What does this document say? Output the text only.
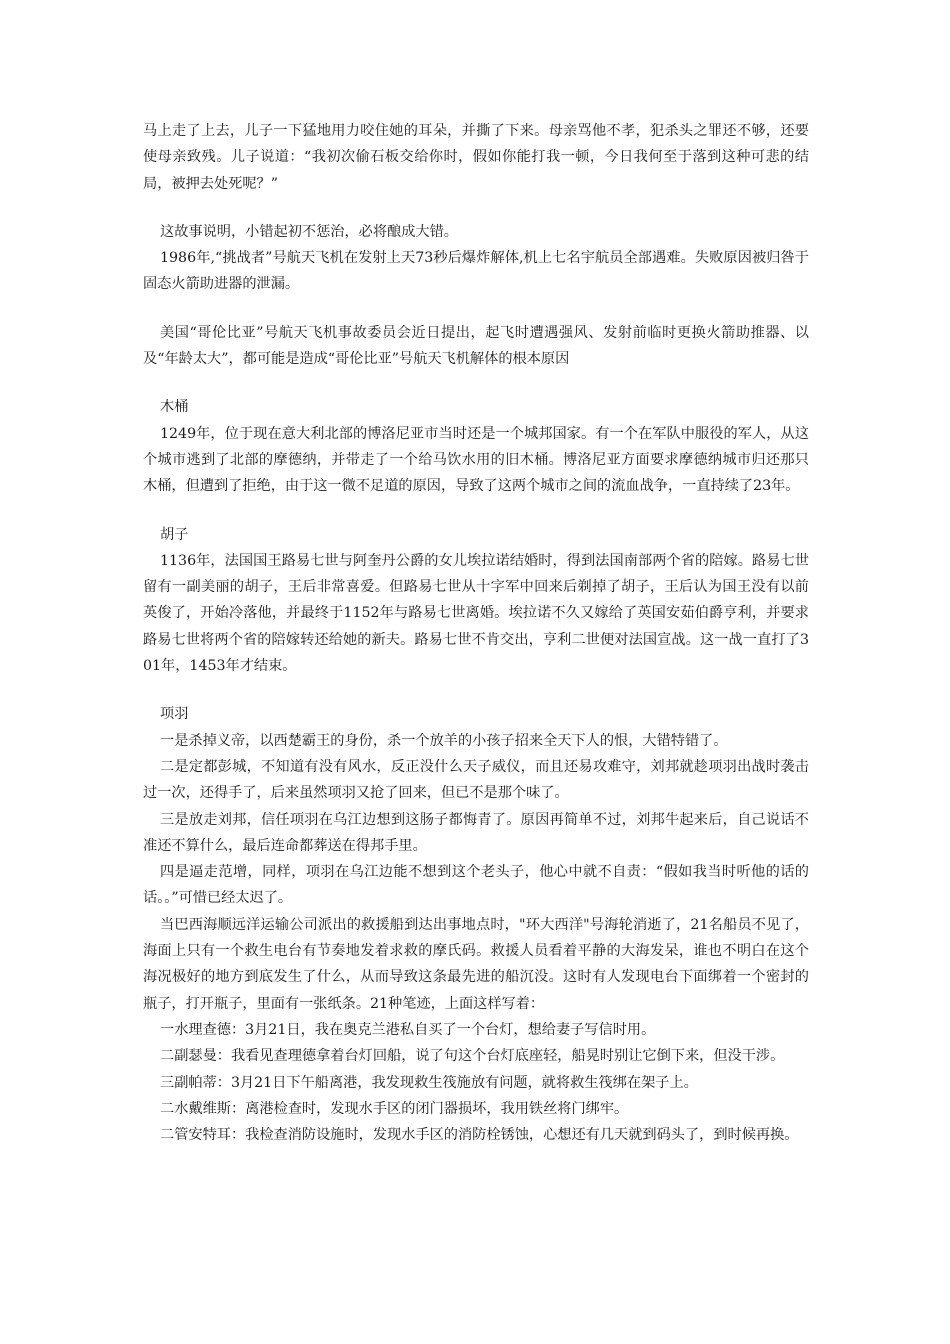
马上走了上去，儿子一下猛地用力咬住她的耳朵，并撕了下来。母亲骂他不孝，犯杀头之罪还不够，还要使母亲致残。儿子说道：“我初次偷石板交给你时，假如你能打我一顿，今日我何至于落到这种可悲的结局，被押去处死呢？”

这故事说明，小错起初不惩治，必将酿成大错。

1986年,“挑战者”号航天飞机在发射上天73秒后爆炸解体,机上七名宇航员全部遇难。失败原因被归咎于固态火箭助进器的泄漏。

美国“哥伦比亚”号航天飞机事故委员会近日提出，起飞时遭遇强风、发射前临时更换火箭助推器、以及“年龄太大”，都可能是造成“哥伦比亚”号航天飞机解体的根本原因

木桶

1249年，位于现在意大利北部的博洛尼亚市当时还是一个城邦国家。有一个在军队中服役的军人，从这个城市逃到了北部的摩德纳，并带走了一个给马饮水用的旧木桶。博洛尼亚方面要求摩德纳城市归还那只木桶，但遭到了拒绝，由于这一微不足道的原因，导致了这两个城市之间的流血战争，一直持续了23年。

胡子

1136年，法国国王路易七世与阿奎丹公爵的女儿埃拉诺结婚时，得到法国南部两个省的陪嫁。路易七世留有一副美丽的胡子，王后非常喜爱。但路易七世从十字军中回来后剃掉了胡子，王后认为国王没有以前英俊了，开始冷落他，并最终于1152年与路易七世离婚。埃拉诺不久又嫁给了英国安茹伯爵亨利，并要求路易七世将两个省的陪嫁转还给她的新夫。路易七世不肯交出，亨利二世便对法国宣战。这一战一直打了301年，1453年才结束。

项羽

一是杀掉义帝，以西楚霸王的身份，杀一个放羊的小孩子招来全天下人的恨，大错特错了。

二是定都彭城，不知道有没有风水，反正没什么天子威仪，而且还易攻难守，刘邦就趁项羽出战时袭击过一次，还得手了，后来虽然项羽又抢了回来，但已不是那个味了。

三是放走刘邦，信任项羽在乌江边想到这肠子都悔青了。原因再简单不过，刘邦牛起来后，自己说话不准还不算什么，最后连命都葬送在得邦手里。

四是逼走范增，同样，项羽在乌江边能不想到这个老头子，他心中就不自责：“假如我当时听他的话的话。。”可惜已经太迟了。

当巴西海顺远洋运输公司派出的救援船到达出事地点时，"环大西洋"号海轮消逝了，21名船员不见了，海面上只有一个救生电台有节奏地发着求救的摩氏码。救援人员看着平静的大海发呆，谁也不明白在这个海况极好的地方到底发生了什么，从而导致这条最先进的船沉没。这时有人发现电台下面绑着一个密封的瓶子，打开瓶子，里面有一张纸条。21种笔迹，上面这样写着：

一水理查德：3月21日，我在奥克兰港私自买了一个台灯，想给妻子写信时用。

二副瑟曼：我看见查理德拿着台灯回船，说了句这个台灯底座轻，船晃时别让它倒下来，但没干涉。

三副帕蒂：3月21日下午船离港，我发现救生筏施放有问题，就将救生筏绑在架子上。

二水戴维斯：离港检查时，发现水手区的闭门器损坏，我用铁丝将门绑牢。

二管安特耳：我检查消防设施时，发现水手区的消防栓锈蚀，心想还有几天就到码头了，到时候再换。
